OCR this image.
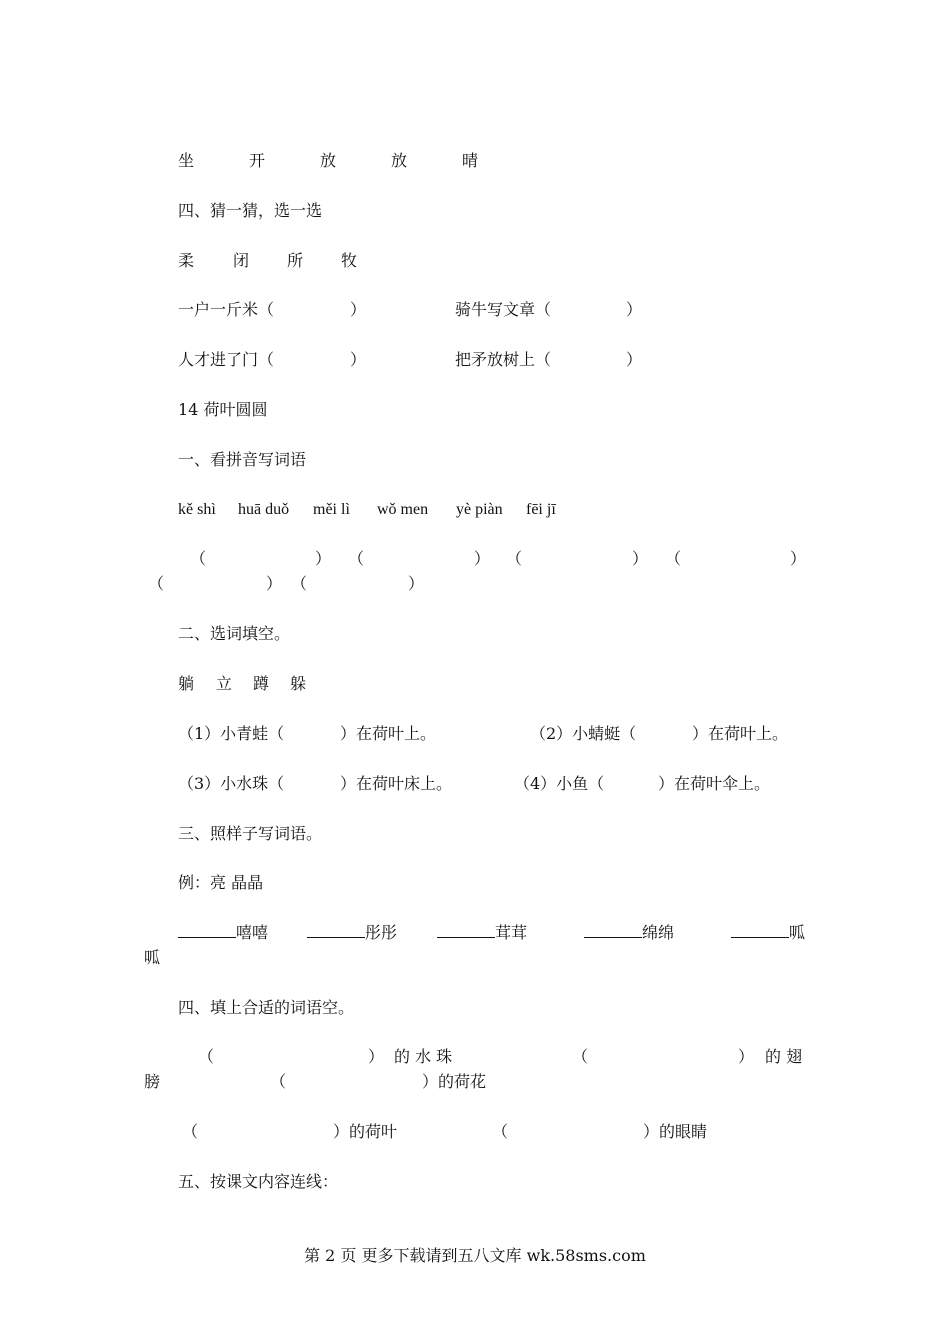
坐	开	放	放	晴
四、猜一猜，选一选
柔 闭 所 牧
一户一斤米（	）	骑牛写文章（	）
人才进了门（	）	把矛放树上（	）
14 荷叶圆圆
一、看拼音写词语
kě shì huā duǒ měi lì wǒ men yè piàn fēi jī
（	） （	） （	） （	）
（	） （	）
二、选词填空。
躺 立 蹲 躲
（1）小青蛙（	）在荷叶上。	（2）小蜻蜓（	）在荷叶上。
（3）小水珠（	）在荷叶床上。	（4）小鱼（	）在荷叶伞上。
三、照样子写词语。
例：亮 晶晶
嘻嘻	彤彤	茸茸	绵绵	呱
呱
四、填上合适的词语空。
（	） 的 水 珠	（	） 的 翅
膀	（	） 的荷花
（	） 的荷叶	（	） 的眼睛
五、按课文内容连线：
第 2 页 更多下载请到五八文库 wk.58sms.com
